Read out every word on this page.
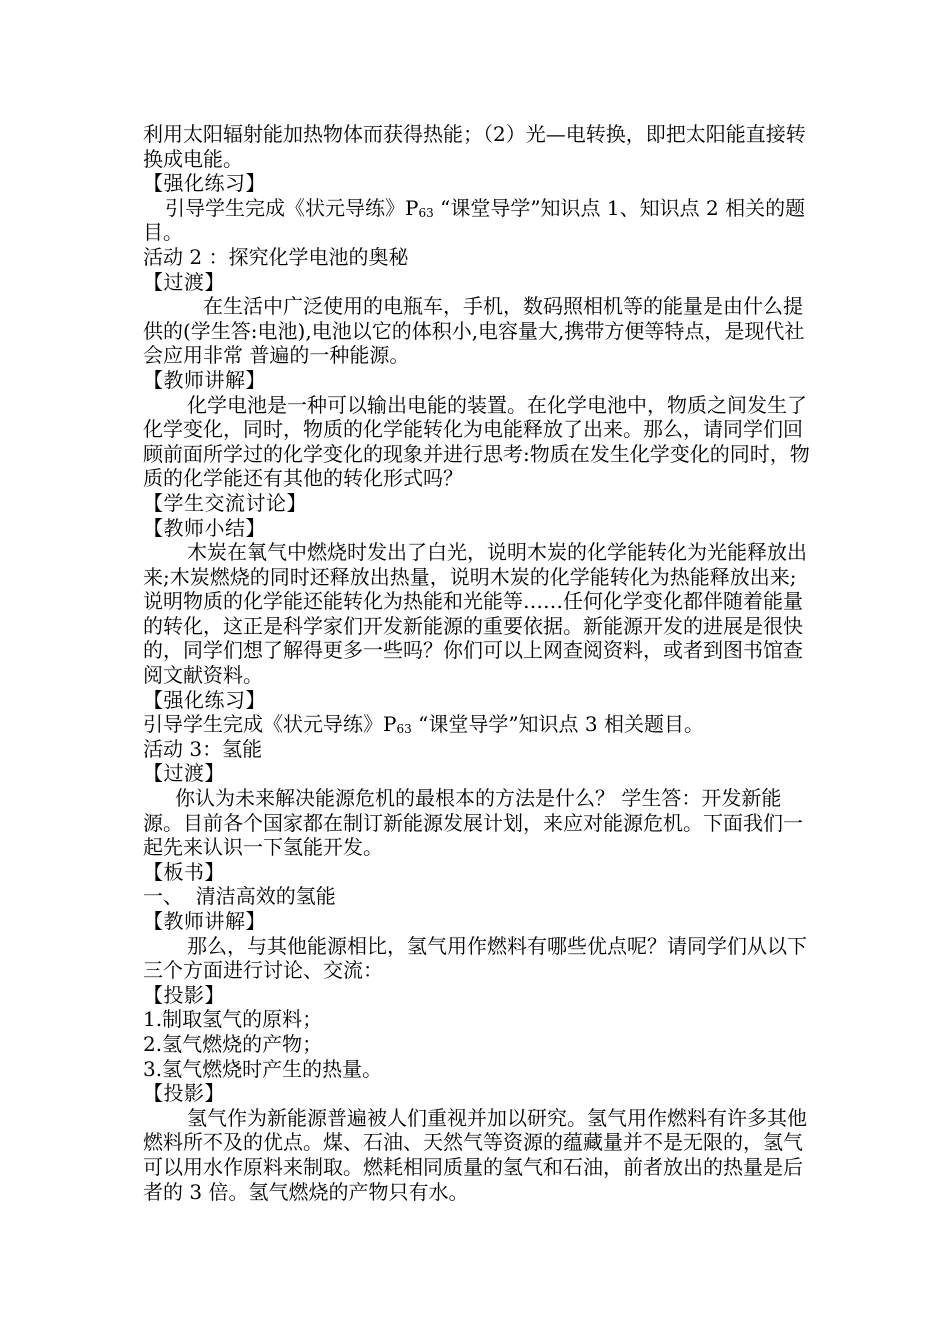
利用太阳辐射能加热物体而获得热能；（2）光—电转换，即把太阳能直接转换成电能。

【强化练习】

引导学生完成《状元导练》$P_{63}$ “课堂导学”知识点 1、知识点 2 相关的题目。

活动 2 ：探究化学电池的奥秘

【过渡】

在生活中广泛使用的电瓶车，手机，数码照相机等的能量是由什么提供的(学生答:电池),电池以它的体积小,电容量大,携带方便等特点，是现代社会应用非常 普遍的一种能源。

【教师讲解】

化学电池是一种可以输出电能的装置。在化学电池中，物质之间发生了化学变化，同时，物质的化学能转化为电能释放了出来。那么，请同学们回顾前面所学过的化学变化的现象并进行思考:物质在发生化学变化的同时，物质的化学能还有其他的转化形式吗？

【学生交流讨论】

【教师小结】

木炭在氧气中燃烧时发出了白光，说明木炭的化学能转化为光能释放出来;木炭燃烧的同时还释放出热量，说明木炭的化学能转化为热能释放出来;说明物质的化学能还能转化为热能和光能等……任何化学变化都伴随着能量的转化，这正是科学家们开发新能源的重要依据。新能源开发的进展是很快的，同学们想了解得更多一些吗？你们可以上网查阅资料，或者到图书馆查阅文献资料。

【强化练习】

引导学生完成《状元导练》$P_{63}$ “课堂导学”知识点 3 相关题目。

活动 3：氢能

【过渡】

你认为未来解决能源危机的最根本的方法是什么？ 学生答：开发新能源。目前各个国家都在制订新能源发展计划，来应对能源危机。下面我们一起先来认识一下氢能开发。

【板书】

一、  清洁高效的氢能

【教师讲解】

那么，与其他能源相比，氢气用作燃料有哪些优点呢？请同学们从以下三个方面进行讨论、交流：

【投影】

1.制取氢气的原料；

2.氢气燃烧的产物；

3.氢气燃烧时产生的热量。

【投影】

氢气作为新能源普遍被人们重视并加以研究。氢气用作燃料有许多其他燃料所不及的优点。煤、石油、天然气等资源的蕴藏量并不是无限的，氢气可以用水作原料来制取。燃耗相同质量的氢气和石油，前者放出的热量是后者的 3 倍。氢气燃烧的产物只有水。
